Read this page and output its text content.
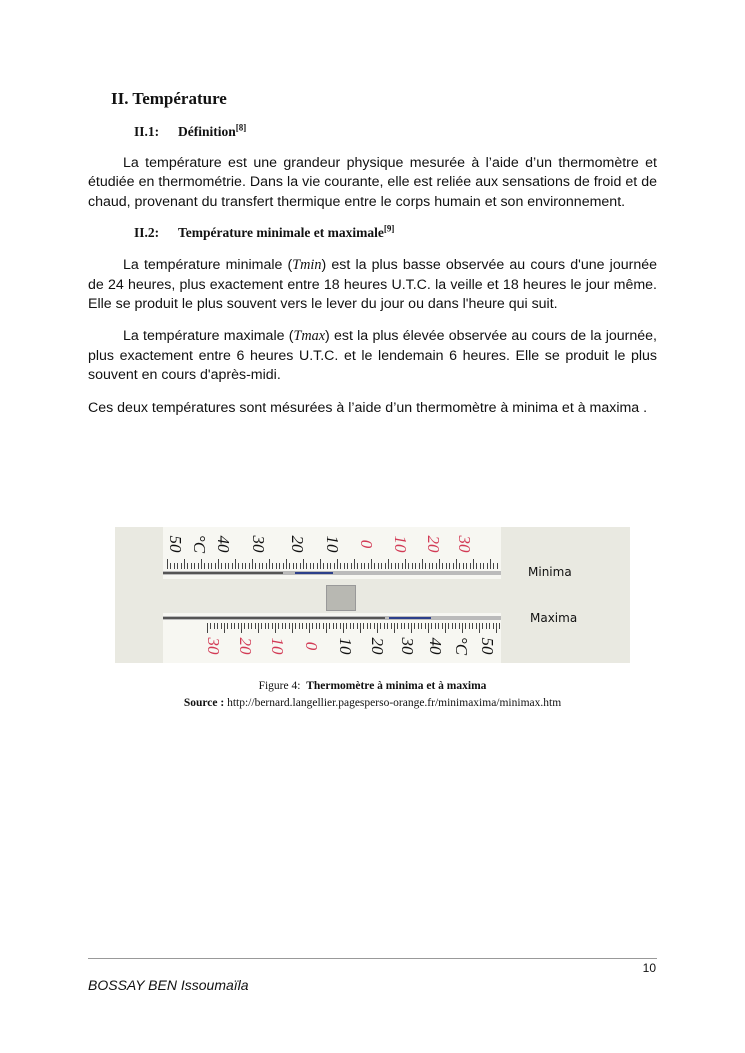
II. Température
II.1: Définition[8]
La température est une grandeur physique mesurée à l’aide d’un thermomètre et étudiée en thermométrie. Dans la vie courante, elle est reliée aux sensations de froid et de chaud, provenant du transfert thermique entre le corps humain et son environnement.
II.2: Température minimale et maximale[9]
La température minimale (Tmin) est la plus basse observée au cours d'une journée de 24 heures, plus exactement entre 18 heures U.T.C. la veille et 18 heures le jour même. Elle se produit le plus souvent vers le lever du jour ou dans l'heure qui suit.
La température maximale (Tmax) est la plus élevée observée au cours de la journée, plus exactement entre 6 heures U.T.C. et le lendemain 6 heures. Elle se produit le plus souvent en cours d'après-midi.
Ces deux températures sont mésurées à l’aide d’un thermomètre à minima et à maxima .
50 °C 40 30 20 10 0 10 20 30
30 20 10 0 10 20 30 40 °C 50
Minima
Maxima
Figure 4: Thermomètre à minima et à maxima
Source : http://bernard.langellier.pagesperso-orange.fr/minimaxima/minimax.htm
10
BOSSAY BEN Issoumaïla
